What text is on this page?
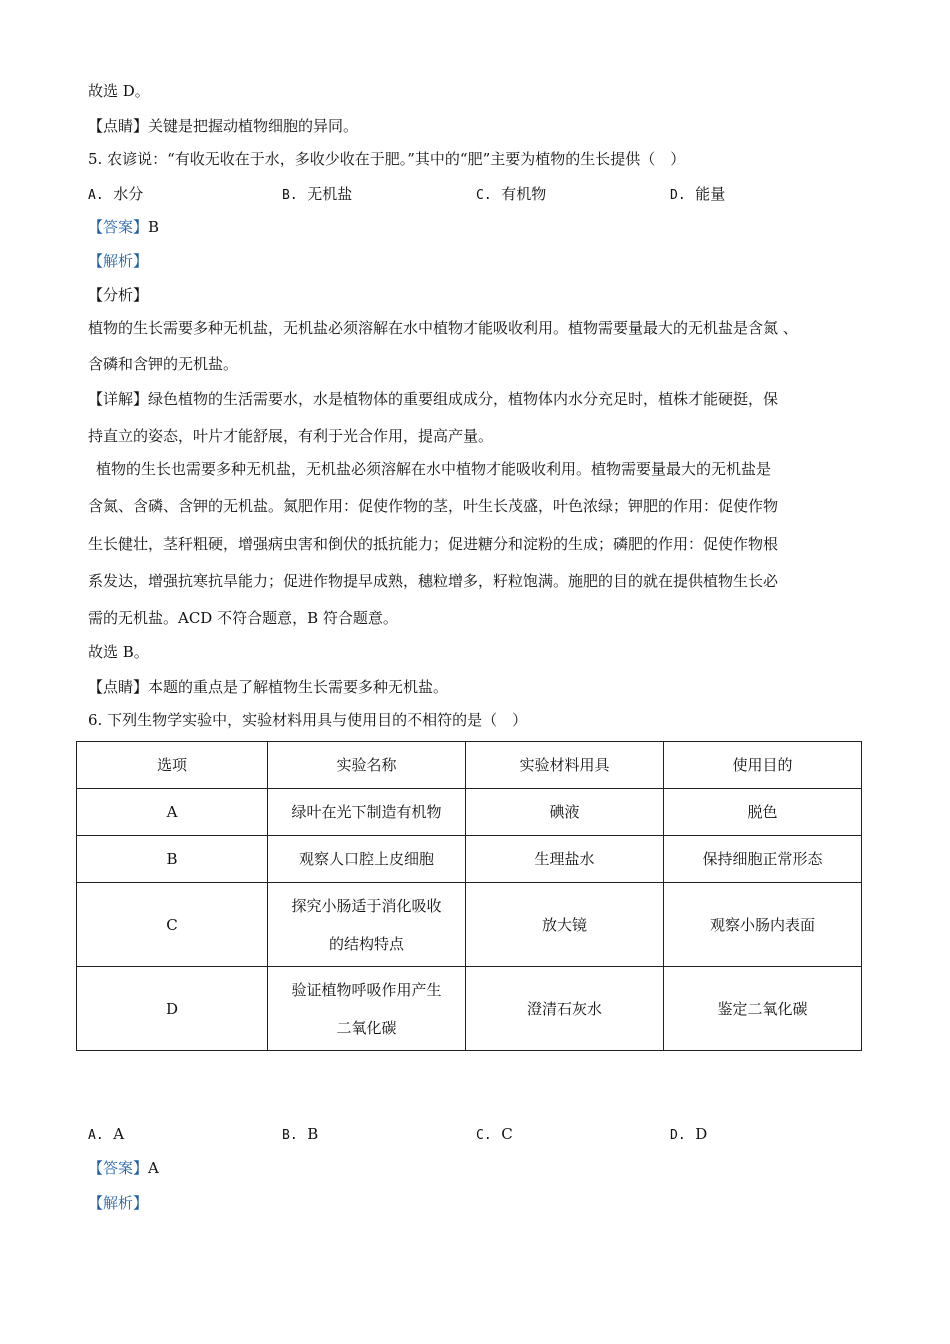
故选 D。
【点睛】关键是把握动植物细胞的异同。
5. 农谚说：“有收无收在于水，多收少收在于肥。”其中的“肥”主要为植物的生长提供（　）
A. 水分	B. 无机盐	C. 有机物	D. 能量
【答案】B
【解析】
【分析】
植物的生长需要多种无机盐，无机盐必须溶解在水中植物才能吸收利用。植物需要量最大的无机盐是含氮 、
含磷和含钾的无机盐。
【详解】绿色植物的生活需要水，水是植物体的重要组成成分，植物体内水分充足时，植株才能硬挺，保
持直立的姿态，叶片才能舒展，有利于光合作用，提高产量。
植物的生长也需要多种无机盐，无机盐必须溶解在水中植物才能吸收利用。植物需要量最大的无机盐是
含氮、含磷、含钾的无机盐。氮肥作用：促使作物的茎，叶生长茂盛，叶色浓绿；钾肥的作用：促使作物
生长健壮，茎秆粗硬，增强病虫害和倒伏的抵抗能力；促进糖分和淀粉的生成；磷肥的作用：促使作物根
系发达，增强抗寒抗旱能力；促进作物提早成熟，穗粒增多，籽粒饱满。施肥的目的就在提供植物生长必
需的无机盐。ACD 不符合题意，B 符合题意。
故选 B。
【点睛】本题的重点是了解植物生长需要多种无机盐。
6. 下列生物学实验中，实验材料用具与使用目的不相符的是（　）
选项	实验名称	实验材料用具	使用目的
A	绿叶在光下制造有机物	碘液	脱色
B	观察人口腔上皮细胞	生理盐水	保持细胞正常形态
C	探究小肠适于消化吸收
的结构特点	放大镜	观察小肠内表面
D	验证植物呼吸作用产生
二氧化碳	澄清石灰水	鉴定二氧化碳
A. A	B. B	C. C	D. D
【答案】A
【解析】
